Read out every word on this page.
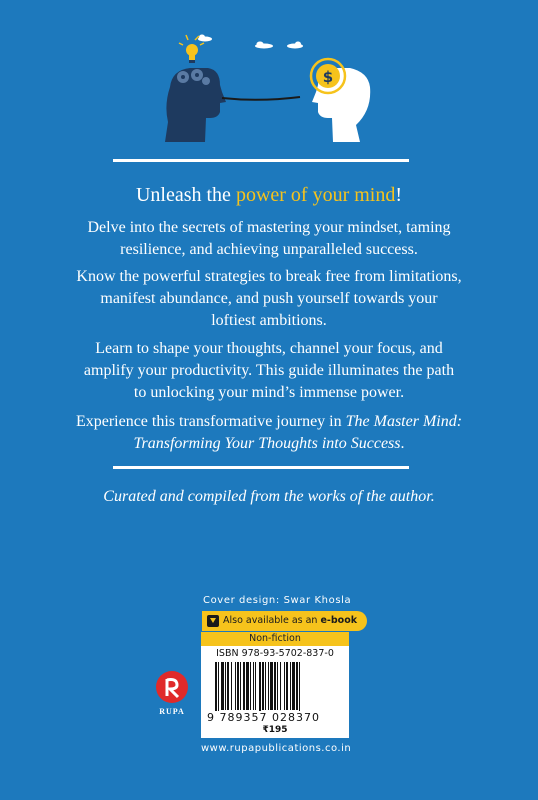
$
Unleash the power of your mind!
Delve into the secrets of mastering your mindset, taming
resilience, and achieving unparalleled success.
Know the powerful strategies to break free from limitations,
manifest abundance, and push yourself towards your
loftiest ambitions.
Learn to shape your thoughts, channel your focus, and
amplify your productivity. This guide illuminates the path
to unlocking your mind’s immense power.
Experience this transformative journey in The Master Mind:
Transforming Your Thoughts into Success.
Curated and compiled from the works of the author.
Cover design: Swar Khosla
Also available as an e-book
Non-fiction
ISBN 978-93-5702-837-0
9 789357 028370
₹195
RUPA
www.rupapublications.co.in
